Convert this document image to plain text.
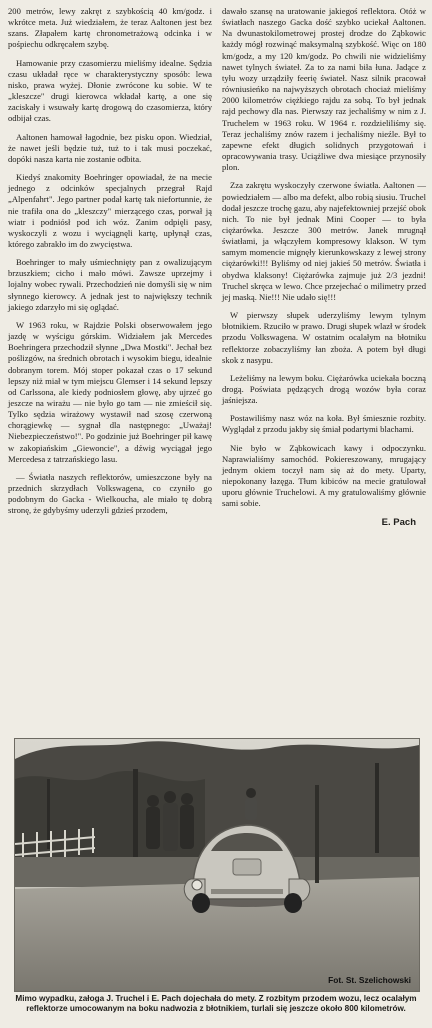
200 metrów, lewy zakręt z szybkością 40 km/godz. i wkrótce meta. Już wiedziałem, że teraz Aaltonen jest bez szans. Złapałem kartę chronometrażową odcinka i w pośpiechu odkręcałem szybę.

Hamowanie przy czasomierzu mieliśmy idealne. Sędzia czasu układał ręce w charakterystyczny sposób: lewa nisko, prawa wyżej. Dłonie zwrócone ku sobie. W te „kleszcze" drugi kierowca wkładał kartę, a one się zaciskały i wsuwały kartę drogową do czasomierza, który odbijał czas.

Aaltonen hamował łagodnie, bez pisku opon. Wiedział, że nawet jeśli będzie tuż, tuż to i tak musi poczekać, dopóki nasza karta nie zostanie odbita.

Kiedyś znakomity Boehringer opowiadał, że na mecie jednego z odcinków specjalnych przegrał Rajd „Alpenfahrt". Jego partner podał kartę tak niefortunnie, że nie trafiła ona do „kleszczy" mierzącego czas, porwał ją wiatr i podniósł pod ich wóz. Zanim odpięli pasy, wyskoczyli z wozu i wyciągnęli kartę, upłynął czas, którego zabrakło im do zwycięstwa.

Boehringer to mały uśmiechnięty pan z owalizującym brzuszkiem; cicho i mało mówi. Zawsze uprzejmy i lojalny wobec rywali. Przechodzień nie domyśli się w nim słynnego kierowcy. A jednak jest to największy technik jakiego zdarzyło mi się oglądać.

W 1963 roku, w Rajdzie Polski obserwowałem jego jazdę w wyścigu górskim. Widziałem jak Mercedes Boehringera przechodził słynne „Dwa Mostki". Jechał bez poślizgów, na średnich obrotach i wysokim biegu, idealnie dobranym torem. Mój stoper pokazał czas o 17 sekund lepszy niż miał w tym miejscu Glemser i 14 sekund lepszy od Carlssona, ale kiedy podniosłem głowę, aby ujrzeć go jeszcze na wirażu — nie było go tam — nie zmieścił się. Tylko sędzia wirażowy wystawił nad szosę czerwoną chorągiewkę — sygnał dla następnego: „Uważaj! Niebezpieczeństwo!". Po godzinie już Boehringer pił kawę w zakopiańskim „Giewoncie", a dźwig wyciągał jego Mercedesa z tatrzańskiego lasu.

— Światła naszych reflektorów, umieszczone były na przednich skrzydłach Volkswagena, co czyniło go podobnym do Gacka - Wielkoucha, ale miało tę dobrą stronę, że gdybyśmy uderzyli gdzieś przodem,

dawało szansę na uratowanie jakiegoś reflektora. Otóż w światłach naszego Gacka dość szybko uciekał Aaltonen. Na dwunastokilometrowej prostej drodze do Ząbkowic każdy mógł rozwinąć maksymalną szybkość. Więc on 180 km/godz, a my 120 km/godz. Po chwili nie widzieliśmy nawet tylnych świateł. Za to za nami biła łuna. Jadące z tyłu wozy urządziły feerię świateł. Nasz silnik pracował równiusieńko na najwyższych obrotach chociaż mieliśmy 2000 kilometrów ciężkiego rajdu za sobą. To był jednak rajd pechowy dla nas. Pierwszy raz jechaliśmy w nim z J. Truchelem w 1963 roku. W 1964 r. rozdzieliliśmy się. Teraz jechaliśmy znów razem i jechaliśmy nieźle. Był to zapewne efekt długich solidnych przygotowań i opracowywania trasy. Uciążliwe dwa miesiące przynosiły plon.

Zza zakrętu wyskoczyły czerwone światła. Aaltonen — powiedziałem — albo ma defekt, albo robią siusiu. Truchel dodał jeszcze trochę gazu, aby najefektowniej przejść obok nich. To nie był jednak Mini Cooper — to była ciężarówka. Jeszcze 300 metrów. Janek mrugnął światłami, ja włączyłem kompresowy klakson. W tym samym momencie mignęły kierunkowskazy z lewej strony ciężarówki!!! Byliśmy od niej jakieś 50 metrów. Światła i obydwa klaksony! Ciężarówka zajmuje już 2/3 jezdni! Truchel skręca w lewo. Chce przejechać o milimetry przed jej maską. Nie!!! Nie udało się!!!

W pierwszy słupek uderzyliśmy lewym tylnym błotnikiem. Rzuciło w prawo. Drugi słupek wlazł w środek przodu Volkswagena. W ostatnim ocalałym na błotniku reflektorze zobaczyliśmy łan zboża. A potem był długi skok z nasypu.

Leżeliśmy na lewym boku. Ciężarówka uciekała boczną drogą. Poświata pędzących drogą wozów była coraz jaśniejsza.

Postawiliśmy nasz wóz na koła. Był śmiesznie rozbity. Wyglądał z przodu jakby się śmiał podartymi blachami.

Nie było w Ząbkowicach kawy i odpoczynku. Naprawialiśmy samochód. Pokiereszowany, mrugający jednym okiem toczył nam się aż do mety. Uparty, niepokonany łazęga. Tłum kibiców na mecie gratulował uporu głównie Truchelowi. A my gratulowaliśmy głównie sami sobie.

E. Pach
Fot. St. Szelichowski
Mimo wypadku, załoga J. Truchel i E. Pach dojechała do mety. Z rozbitym przodem wozu, lecz ocalałym reflektorze umocowanym na boku nadwozia z błotnikiem, turlali się jeszcze około 800 kilometrów.
